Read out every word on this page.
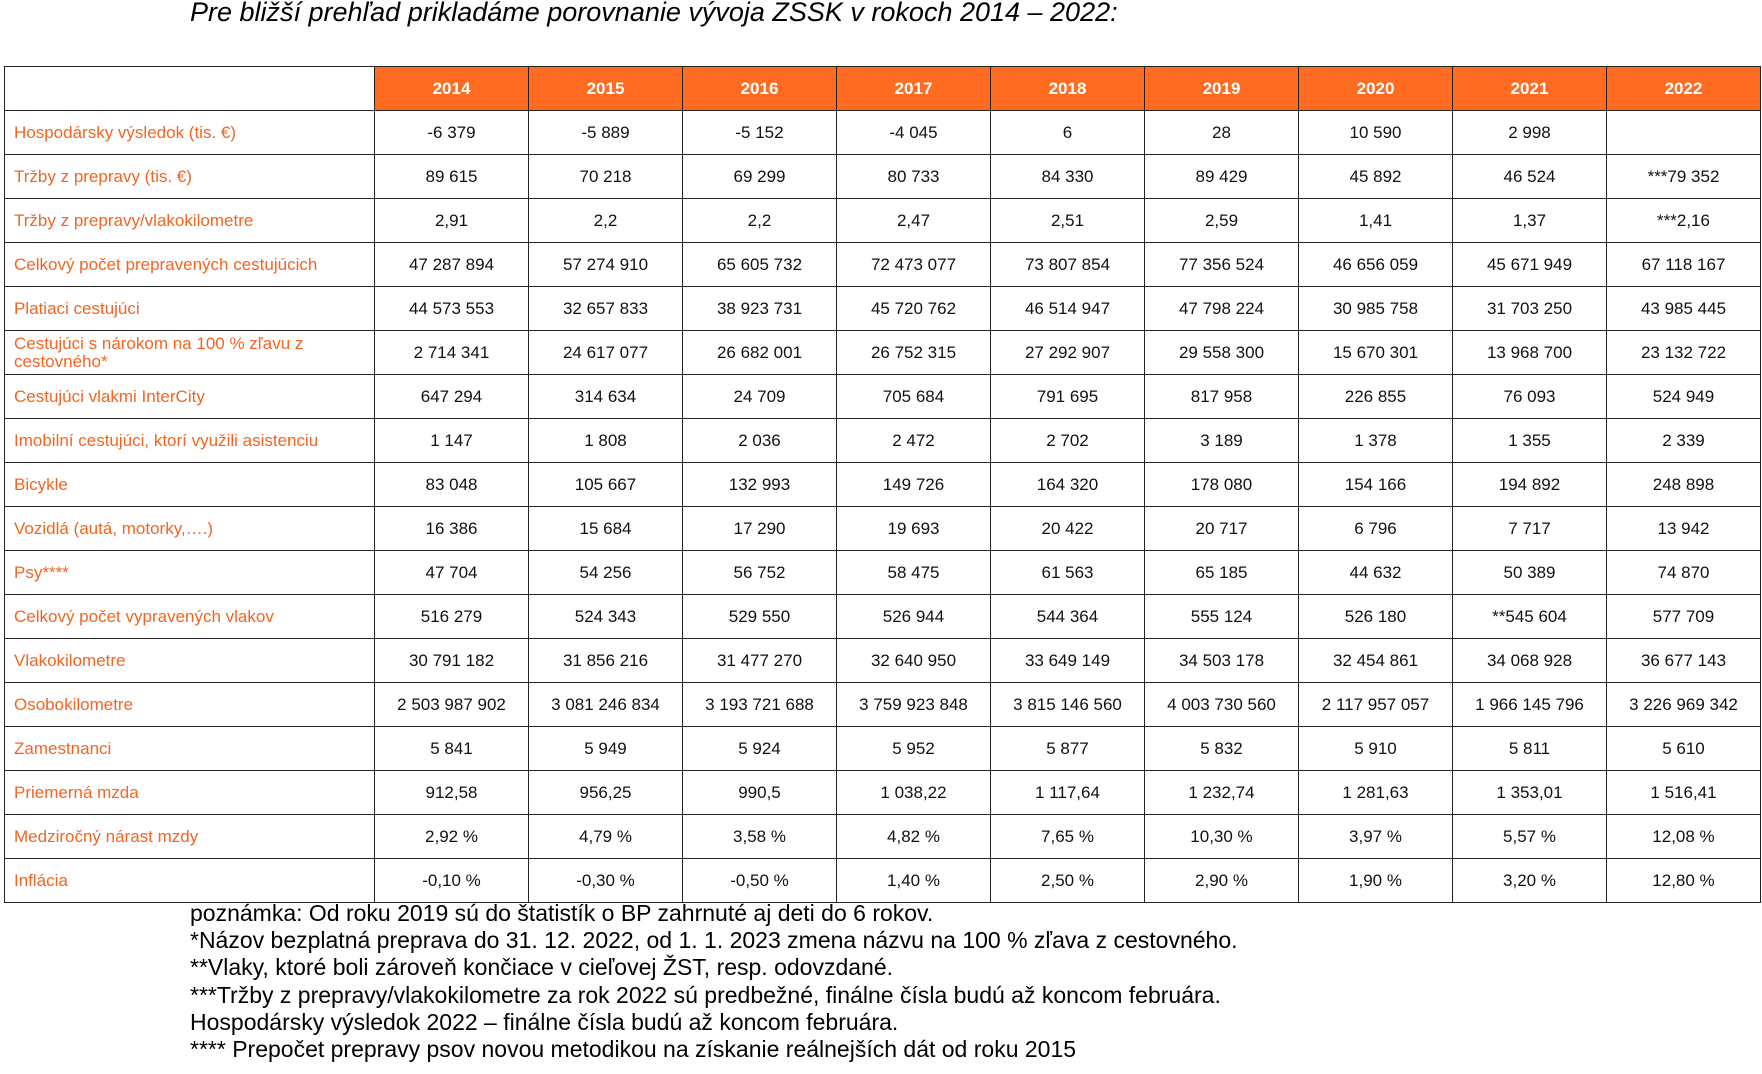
Pre bližší prehľad prikladáme porovnanie vývoja ZSSK v rokoch 2014 – 2022:
	2014	2015	2016	2017	2018	2019	2020	2021	2022
Hospodársky výsledok (tis. €)	-6 379	-5 889	-5 152	-4 045	6	28	10 590	2 998	
Tržby z prepravy (tis. €)	89 615	70 218	69 299	80 733	84 330	89 429	45 892	46 524	***79 352
Tržby z prepravy/vlakokilometre	2,91	2,2	2,2	2,47	2,51	2,59	1,41	1,37	***2,16
Celkový počet prepravených cestujúcich	47 287 894	57 274 910	65 605 732	72 473 077	73 807 854	77 356 524	46 656 059	45 671 949	67 118 167
Platiaci cestujúci	44 573 553	32 657 833	38 923 731	45 720 762	46 514 947	47 798 224	30 985 758	31 703 250	43 985 445
Cestujúci s nárokom na 100 % zľavu z cestovného*	2 714 341	24 617 077	26 682 001	26 752 315	27 292 907	29 558 300	15 670 301	13 968 700	23 132 722
Cestujúci vlakmi InterCity	647 294	314 634	24 709	705 684	791 695	817 958	226 855	76 093	524 949
Imobilní cestujúci, ktorí využili asistenciu	1 147	1 808	2 036	2 472	2 702	3 189	1 378	1 355	2 339
Bicykle	83 048	105 667	132 993	149 726	164 320	178 080	154 166	194 892	248 898
Vozidlá (autá, motorky,….)	16 386	15 684	17 290	19 693	20 422	20 717	6 796	7 717	13 942
Psy****	47 704	54 256	56 752	58 475	61 563	65 185	44 632	50 389	74 870
Celkový počet vypravených vlakov	516 279	524 343	529 550	526 944	544 364	555 124	526 180	**545 604	577 709
Vlakokilometre	30 791 182	31 856 216	31 477 270	32 640 950	33 649 149	34 503 178	32 454 861	34 068 928	36 677 143
Osobokilometre	2 503 987 902	3 081 246 834	3 193 721 688	3 759 923 848	3 815 146 560	4 003 730 560	2 117 957 057	1 966 145 796	3 226 969 342
Zamestnanci	5 841	5 949	5 924	5 952	5 877	5 832	5 910	5 811	5 610
Priemerná mzda	912,58	956,25	990,5	1 038,22	1 117,64	1 232,74	1 281,63	1 353,01	1 516,41
Medziročný nárast mzdy	2,92 %	4,79 %	3,58 %	4,82 %	7,65 %	10,30 %	3,97 %	5,57 %	12,08 %
Inflácia	-0,10 %	-0,30 %	-0,50 %	1,40 %	2,50 %	2,90 %	1,90 %	3,20 %	12,80 %
poznámka: Od roku 2019 sú do štatistík o BP zahrnuté aj deti do 6 rokov.
*Názov bezplatná preprava do 31. 12. 2022, od 1. 1. 2023 zmena názvu na 100 % zľava z cestovného.
**Vlaky, ktoré boli zároveň končiace v cieľovej ŽST, resp. odovzdané.
***Tržby z prepravy/vlakokilometre za rok 2022 sú predbežné, finálne čísla budú až koncom februára.
Hospodársky výsledok 2022 – finálne čísla budú až koncom februára.
**** Prepočet prepravy psov novou metodikou na získanie reálnejších dát od roku 2015
